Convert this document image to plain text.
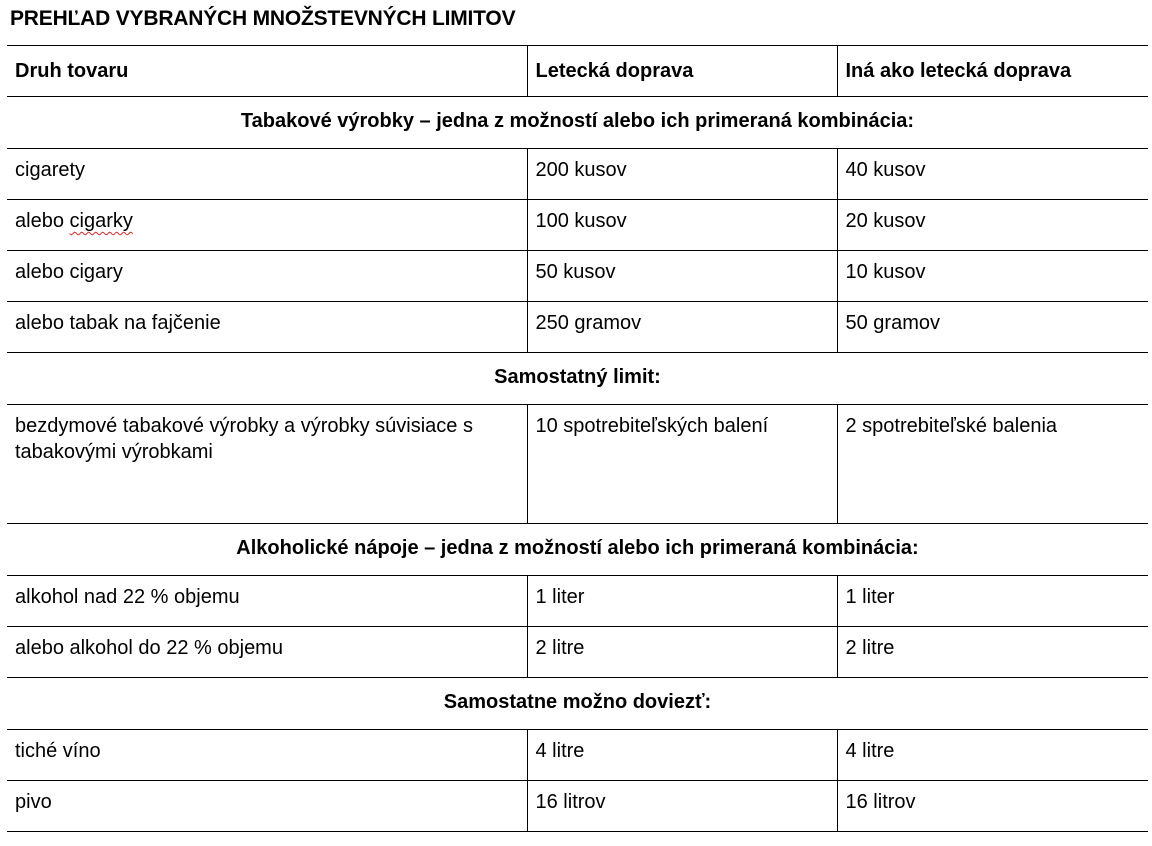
PREHĽAD VYBRANÝCH MNOŽSTEVNÝCH LIMITOV
Druh tovaru	Letecká doprava	Iná ako letecká doprava
Tabakové výrobky – jedna z možností alebo ich primeraná kombinácia:		
cigarety	200 kusov	40 kusov
alebo cigarky	100 kusov	20 kusov
alebo cigary	50 kusov	10 kusov
alebo tabak na fajčenie	250 gramov	50 gramov
Samostatný limit:		
bezdymové tabakové výrobky a výrobky súvisiace s tabakovými výrobkami	10 spotrebiteľských balení	2 spotrebiteľské balenia
Alkoholické nápoje – jedna z možností alebo ich primeraná kombinácia:		
alkohol nad 22 % objemu	1 liter	1 liter
alebo alkohol do 22 % objemu	2 litre	2 litre
Samostatne možno doviezť:		
tiché víno	4 litre	4 litre
pivo	16 litrov	16 litrov
